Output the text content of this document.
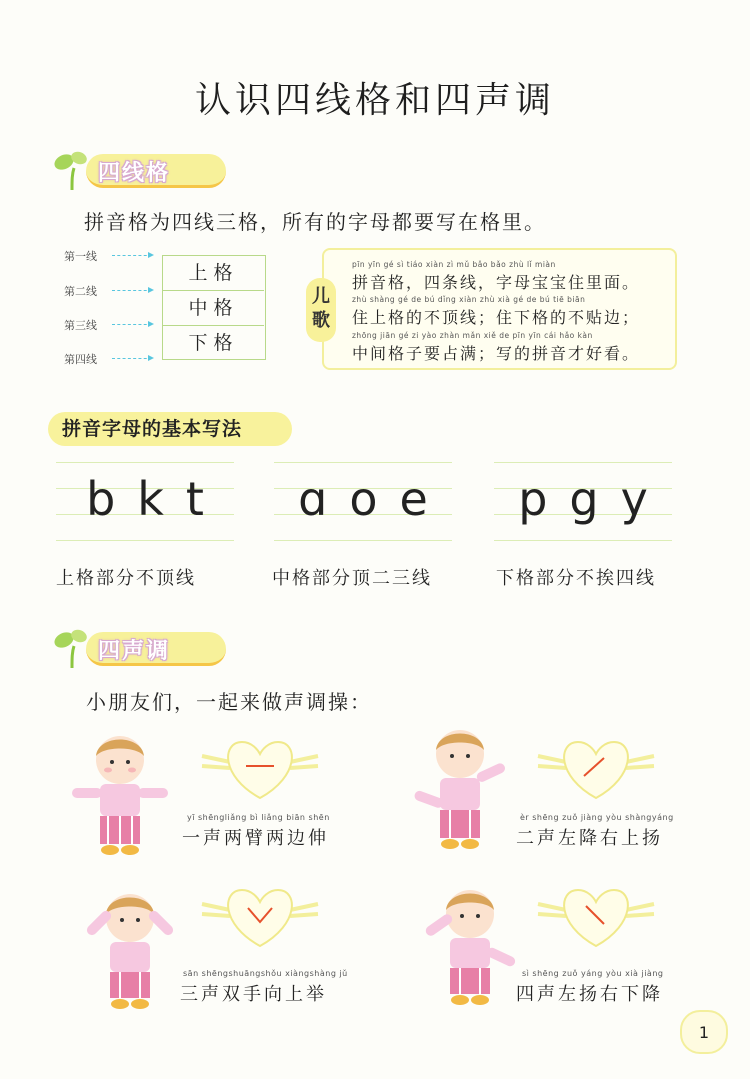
认识四线格和四声调
四线格
拼音格为四线三格，所有的字母都要写在格里。
第一线
第二线
第三线
第四线
上格
中格
下格
儿歌
pīn yīn gé sì tiáo xiàn zì mǔ bǎo bǎo zhù lǐ miàn
拼音格，四条线，字母宝宝住里面。
zhù shàng gé de bú dǐng xiàn zhù xià gé de bú tiē biān
住上格的不顶线；住下格的不贴边；
zhōng jiān gé zi yào zhàn mǎn xiě de pīn yīn cái hǎo kàn
中间格子要占满；写的拼音才好看。
拼音字母的基本写法
bkt	ɑoe	pgy
上格部分不顶线	中格部分顶二三线	下格部分不挨四线
四声调
小朋友们，一起来做声调操：
yī shēngliǎng bì liǎng biān shēn
一声两臂两边伸
èr shēng zuǒ jiàng yòu shàngyáng
二声左降右上扬
sān shēngshuāngshǒu xiàngshàng jǔ
三声双手向上举
sì shēng zuǒ yáng yòu xià jiàng
四声左扬右下降
1
